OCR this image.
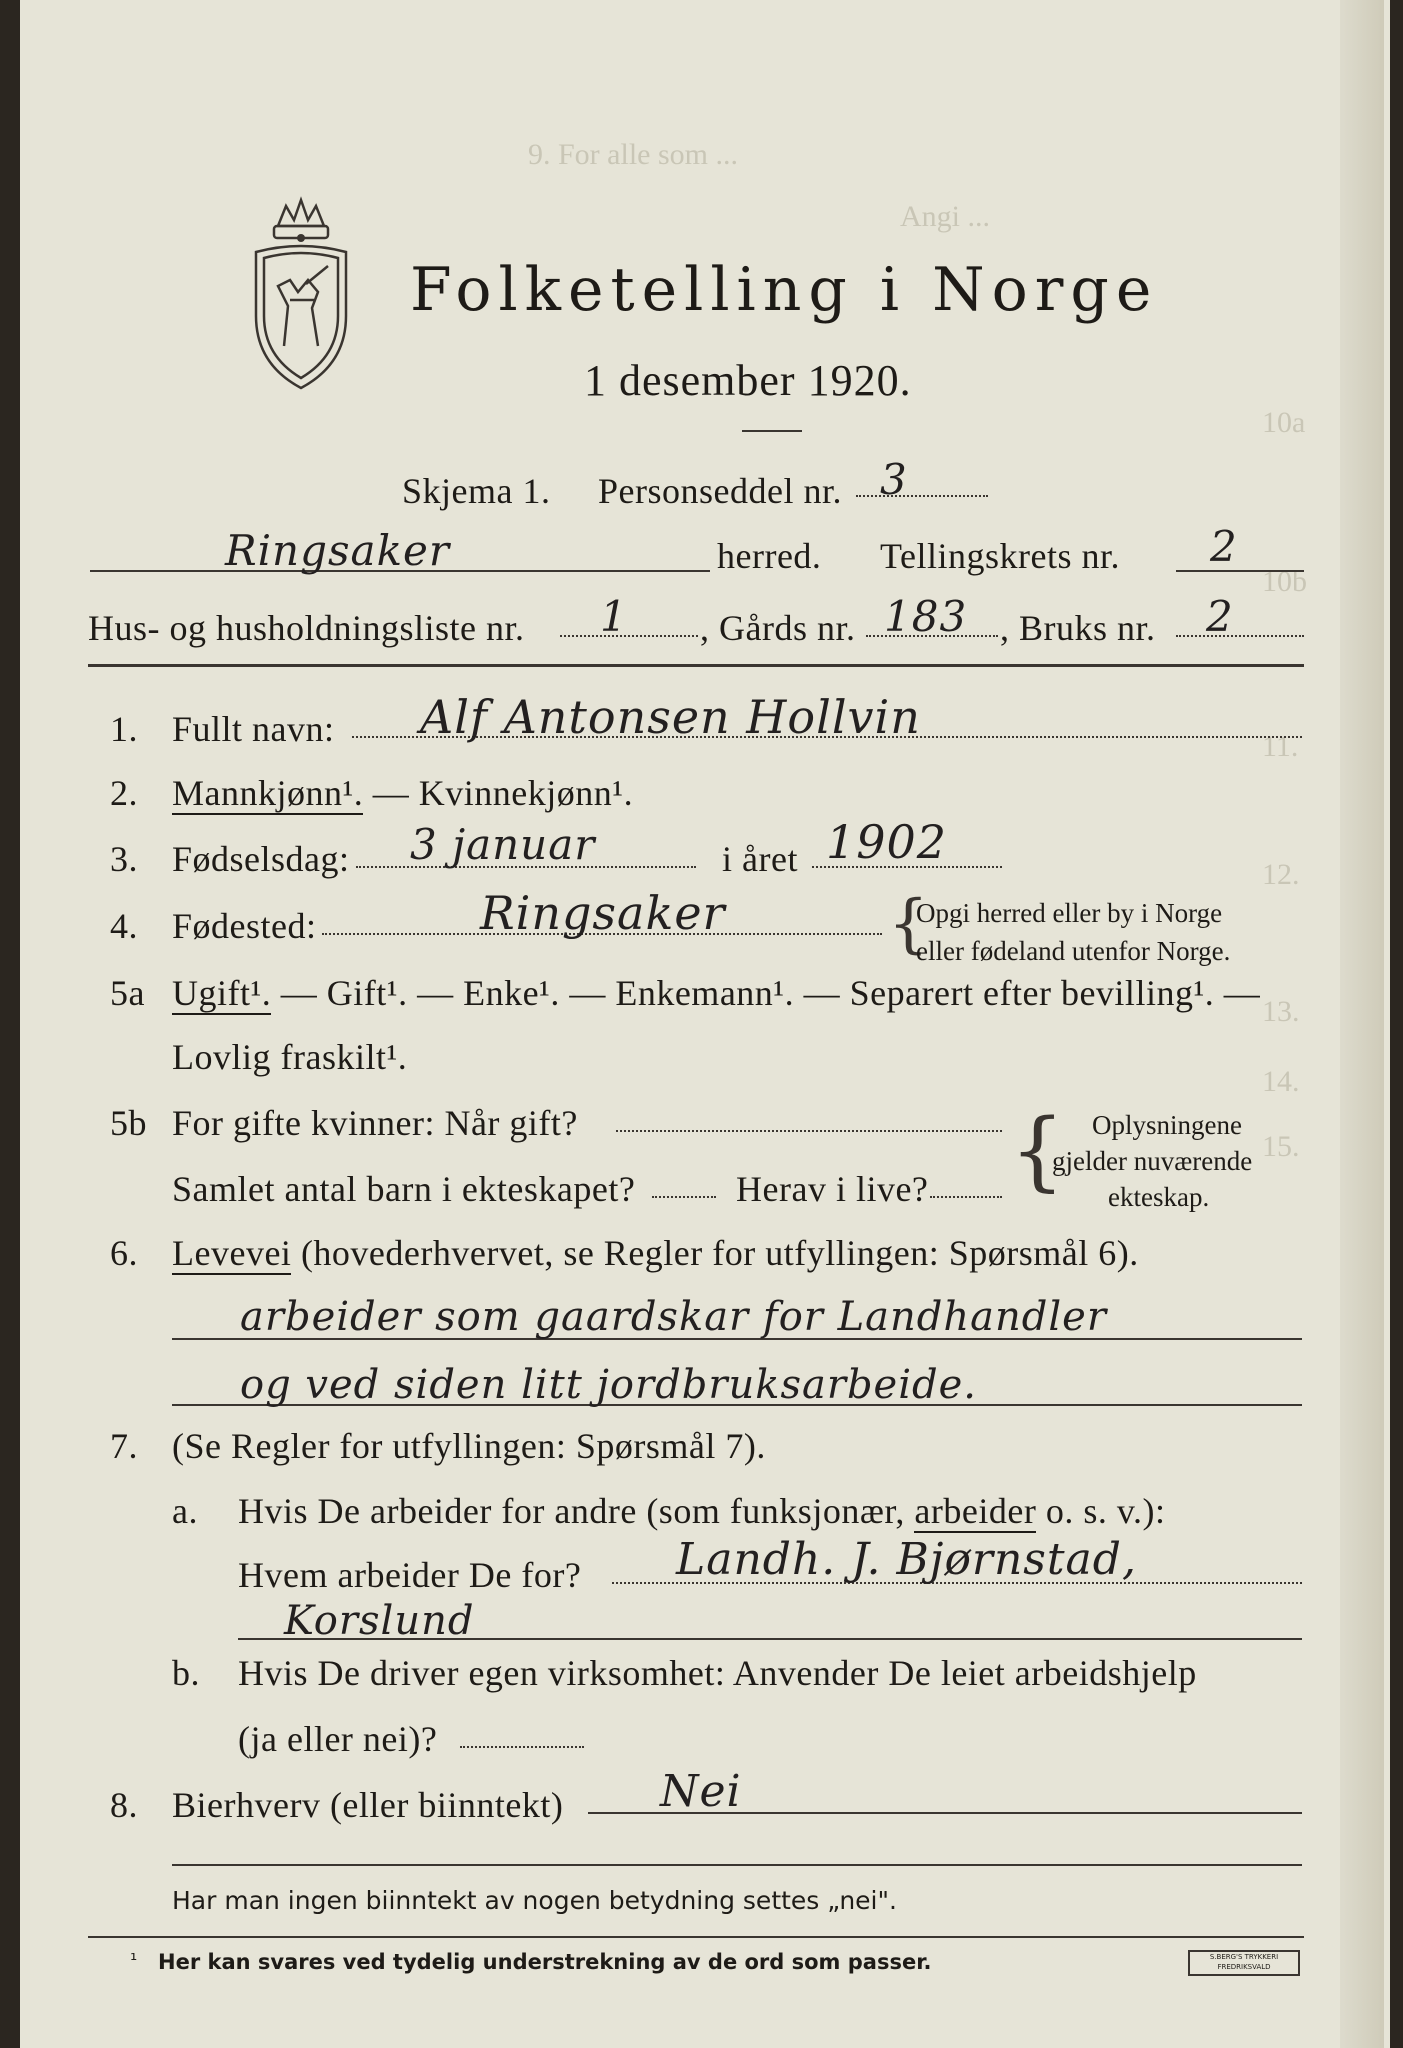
9. For alle som ...
Angi ...
10a
10b
11.
12.
13.
14.
15.
Folketelling i Norge
1 desember 1920.
Skjema 1. Personseddel nr. 3
Ringsaker	herred. Tellingskrets nr. 2
Hus- og husholdningsliste nr. 1 , Gårds nr. 183 , Bruks nr. 2
1. Fullt navn: Alf Antonsen Hollvin
2. Mannkjønn¹. — Kvinnekjønn¹.
3. Fødselsdag: 3 januar	i året 1902
4. Fødested:	Ringsaker	{
Opgi herred eller by i Norge
eller fødeland utenfor Norge.
5a Ugift¹. — Gift¹. — Enke¹. — Enkemann¹. — Separert efter bevilling¹. —
Lovlig fraskilt¹.
5b For gifte kvinner: Når gift?
Samlet antal barn i ekteskapet?	Herav i live? { Oplysningene
gjelder nuværende
ekteskap.
6. Levevei (hovederhvervet, se Regler for utfyllingen: Spørsmål 6).
arbeider som gaardskar for Landhandler
og ved siden litt jordbruksarbeide.
7. (Se Regler for utfyllingen: Spørsmål 7).
a. Hvis De arbeider for andre (som funksjonær, arbeider o. s. v.):
Hvem arbeider De for? Landh. J. Bjørnstad,
Korslund
b. Hvis De driver egen virksomhet: Anvender De leiet arbeidshjelp
(ja eller nei)?
8. Bierhverv (eller biinntekt) Nei
Har man ingen biinntekt av nogen betydning settes „nei".
¹ Her kan svares ved tydelig understrekning av de ord som passer.	S.BERG'S TRYKKERI FREDRIKSVALD
